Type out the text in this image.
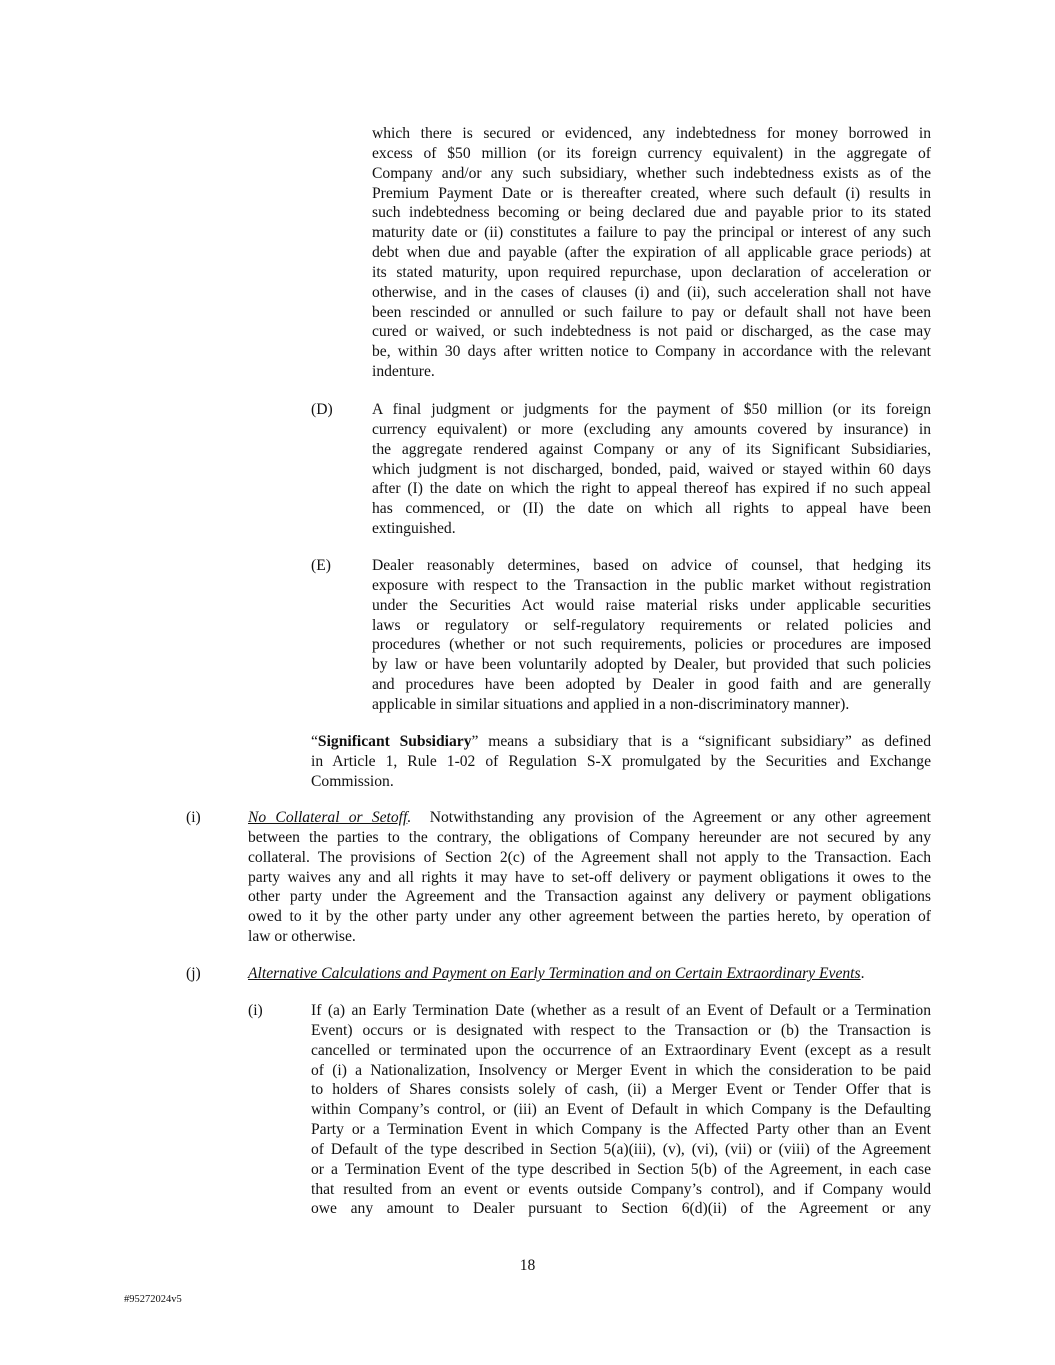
which there is secured or evidenced, any indebtedness for money borrowed in
excess of $50 million (or its foreign currency equivalent) in the aggregate of
Company and/or any such subsidiary, whether such indebtedness exists as of the
Premium Payment Date or is thereafter created, where such default (i) results in
such indebtedness becoming or being declared due and payable prior to its stated
maturity date or (ii) constitutes a failure to pay the principal or interest of any such
debt when due and payable (after the expiration of all applicable grace periods) at
its stated maturity, upon required repurchase, upon declaration of acceleration or
otherwise, and in the cases of clauses (i) and (ii), such acceleration shall not have
been rescinded or annulled or such failure to pay or default shall not have been
cured or waived, or such indebtedness is not paid or discharged, as the case may
be, within 30 days after written notice to Company in accordance with the relevant
indenture.
(D)	A final judgment or judgments for the payment of $50 million (or its foreign
currency equivalent) or more (excluding any amounts covered by insurance) in
the aggregate rendered against Company or any of its Significant Subsidiaries,
which judgment is not discharged, bonded, paid, waived or stayed within 60 days
after (I) the date on which the right to appeal thereof has expired if no such appeal
has commenced, or (II) the date on which all rights to appeal have been
extinguished.
(E)	Dealer reasonably determines, based on advice of counsel, that hedging its
exposure with respect to the Transaction in the public market without registration
under the Securities Act would raise material risks under applicable securities
laws or regulatory or self-regulatory requirements or related policies and
procedures (whether or not such requirements, policies or procedures are imposed
by law or have been voluntarily adopted by Dealer, but provided that such policies
and procedures have been adopted by Dealer in good faith and are generally
applicable in similar situations and applied in a non-discriminatory manner).
“Significant Subsidiary” means a subsidiary that is a “significant subsidiary” as defined
in Article 1, Rule 1-02 of Regulation S-X promulgated by the Securities and Exchange
Commission.
(i)	No Collateral or Setoff.  Notwithstanding any provision of the Agreement or any other agreement
between the parties to the contrary, the obligations of Company hereunder are not secured by any
collateral. The provisions of Section 2(c) of the Agreement shall not apply to the Transaction. Each
party waives any and all rights it may have to set-off delivery or payment obligations it owes to the
other party under the Agreement and the Transaction against any delivery or payment obligations
owed to it by the other party under any other agreement between the parties hereto, by operation of
law or otherwise.
(j)	Alternative Calculations and Payment on Early Termination and on Certain Extraordinary Events.
(i)	If (a) an Early Termination Date (whether as a result of an Event of Default or a Termination
Event) occurs or is designated with respect to the Transaction or (b) the Transaction is
cancelled or terminated upon the occurrence of an Extraordinary Event (except as a result
of (i) a Nationalization, Insolvency or Merger Event in which the consideration to be paid
to holders of Shares consists solely of cash, (ii) a Merger Event or Tender Offer that is
within Company’s control, or (iii) an Event of Default in which Company is the Defaulting
Party or a Termination Event in which Company is the Affected Party other than an Event
of Default of the type described in Section 5(a)(iii), (v), (vi), (vii) or (viii) of the Agreement
or a Termination Event of the type described in Section 5(b) of the Agreement, in each case
that resulted from an event or events outside Company’s control), and if Company would
owe any amount to Dealer pursuant to Section 6(d)(ii) of the Agreement or any
18
#95272024v5
